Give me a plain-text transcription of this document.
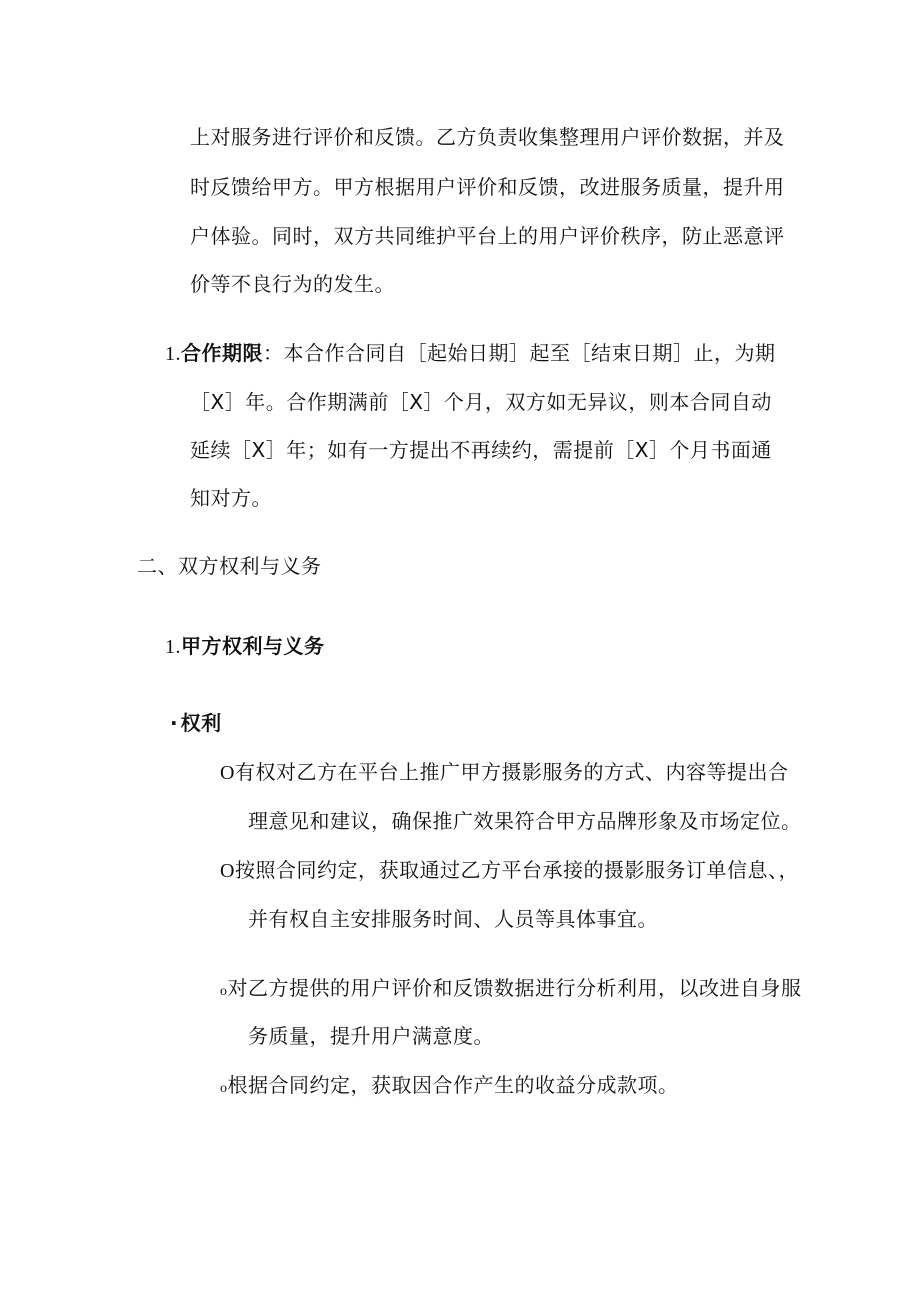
上对服务进行评价和反馈。乙方负责收集整理用户评价数据，并及
时反馈给甲方。甲方根据用户评价和反馈，改进服务质量，提升用
户体验。同时，双方共同维护平台上的用户评价秩序，防止恶意评
价等不良行为的发生。
1.合作期限：本合作合同自［起始日期］起至［结束日期］止，为期
［X］年。合作期满前［X］个月，双方如无异议，则本合同自动
延续［X］年；如有一方提出不再续约，需提前［X］个月书面通
知对方。
二、双方权利与义务
1.甲方权利与义务
·  权利
O有权对乙方在平台上推广甲方摄影服务的方式、内容等提出合
理意见和建议，确保推广效果符合甲方品牌形象及市场定位。
O按照合同约定，获取通过乙方平台承接的摄影服务订单信息、，
并有权自主安排服务时间、人员等具体事宜。
o对乙方提供的用户评价和反馈数据进行分析利用，以改进自身服
务质量，提升用户满意度。
o根据合同约定，获取因合作产生的收益分成款项。
